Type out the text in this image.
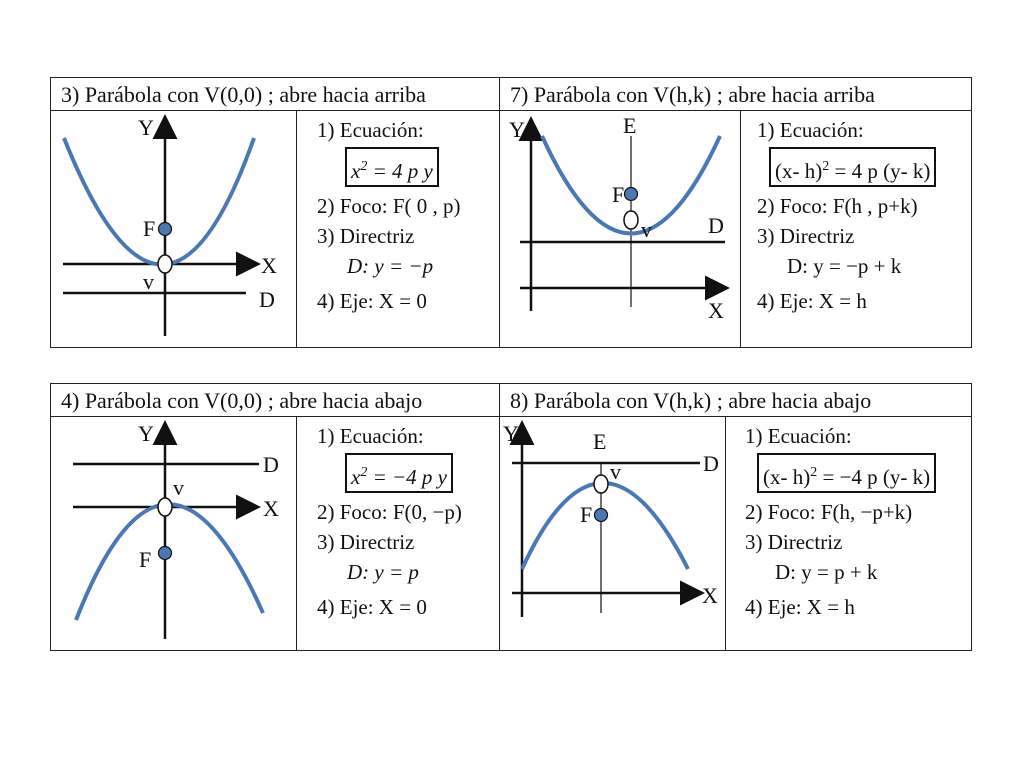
3) Parábola con V(0,0) ; abre hacia arriba	7) Parábola con V(h,k) ; abre hacia arriba
Y
X
F
v
D
1) Ecuación:
$x^2 = 4$ p y
2) Foco: F( 0 , p)
3) Directriz
D: y = −p
4) Eje: X = 0
Y	E
F
v	D
X
1) Ecuación:
(x- h)$^2$ = 4 p (y- k)
2) Foco: F(h , p+k)
3) Directriz
D: y = −p + k
4) Eje: X = h
4) Parábola con V(0,0) ; abre hacia abajo	8) Parábola con V(h,k) ; abre hacia abajo
Y
D
v
X
F
1) Ecuación:
$x^2 = -4$ p y
2) Foco: F(0, −p)
3) Directriz
D: y = p
4) Eje: X = 0
Y	E
D
v
F
X
1) Ecuación:
(x- h)$^2$ = −4 p (y- k)
2) Foco: F(h, −p+k)
3) Directriz
D: y = p + k
4) Eje: X = h
